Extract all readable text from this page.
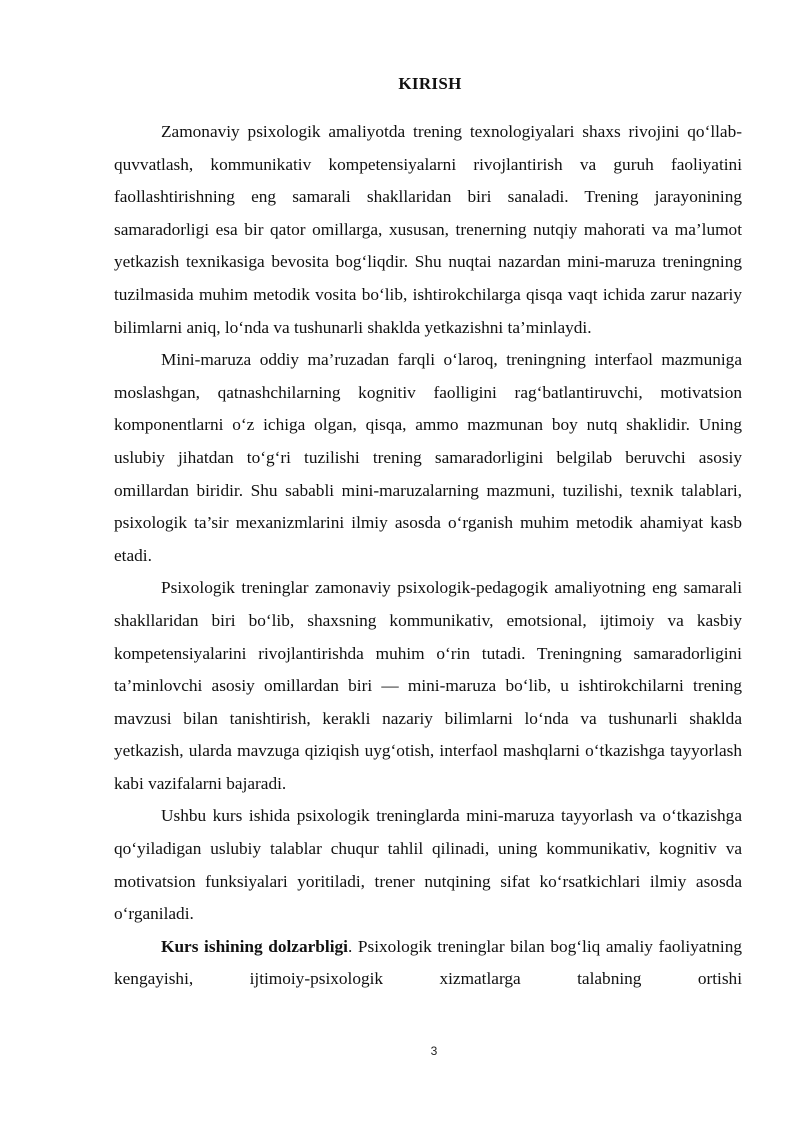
KIRISH

Zamonaviy psixologik amaliyotda trening texnologiyalari shaxs rivojini qo‘llab-quvvatlash, kommunikativ kompetensiyalarni rivojlantirish va guruh faoliyatini faollashtirishning eng samarali shakllaridan biri sanaladi. Trening jarayonining samaradorligi esa bir qator omillarga, xususan, trenerning nutqiy mahorati va ma’lumot yetkazish texnikasiga bevosita bog‘liqdir. Shu nuqtai nazardan mini-maruza treningning tuzilmasida muhim metodik vosita bo‘lib, ishtirokchilarga qisqa vaqt ichida zarur nazariy bilimlarni aniq, lo‘nda va tushunarli shaklda yetkazishni ta’minlaydi.

Mini-maruza oddiy ma’ruzadan farqli o‘laroq, treningning interfaol mazmuniga moslashgan, qatnashchilarning kognitiv faolligini rag‘batlantiruvchi, motivatsion komponentlarni o‘z ichiga olgan, qisqa, ammo mazmunan boy nutq shaklidir. Uning uslubiy jihatdan to‘g‘ri tuzilishi trening samaradorligini belgilab beruvchi asosiy omillardan biridir. Shu sababli mini-maruzalarning mazmuni, tuzilishi, texnik talablari, psixologik ta’sir mexanizmlarini ilmiy asosda o‘rganish muhim metodik ahamiyat kasb etadi.

Psixologik treninglar zamonaviy psixologik-pedagogik amaliyotning eng samarali shakllaridan biri bo‘lib, shaxsning kommunikativ, emotsional, ijtimoiy va kasbiy kompetensiyalarini rivojlantirishda muhim o‘rin tutadi. Treningning samaradorligini ta’minlovchi asosiy omillardan biri — mini-maruza bo‘lib, u ishtirokchilarni trening mavzusi bilan tanishtirish, kerakli nazariy bilimlarni lo‘nda va tushunarli shaklda yetkazish, ularda mavzuga qiziqish uyg‘otish, interfaol mashqlarni o‘tkazishga tayyorlash kabi vazifalarni bajaradi.

Ushbu kurs ishida psixologik treninglarda mini-maruza tayyorlash va o‘tkazishga qo‘yiladigan uslubiy talablar chuqur tahlil qilinadi, uning kommunikativ, kognitiv va motivatsion funksiyalari yoritiladi, trener nutqining sifat ko‘rsatkichlari ilmiy asosda o‘rganiladi.

Kurs ishining dolzarbligi. Psixologik treninglar bilan bog‘liq amaliy faoliyatning kengayishi, ijtimoiy-psixologik xizmatlarga talabning ortishi

3
